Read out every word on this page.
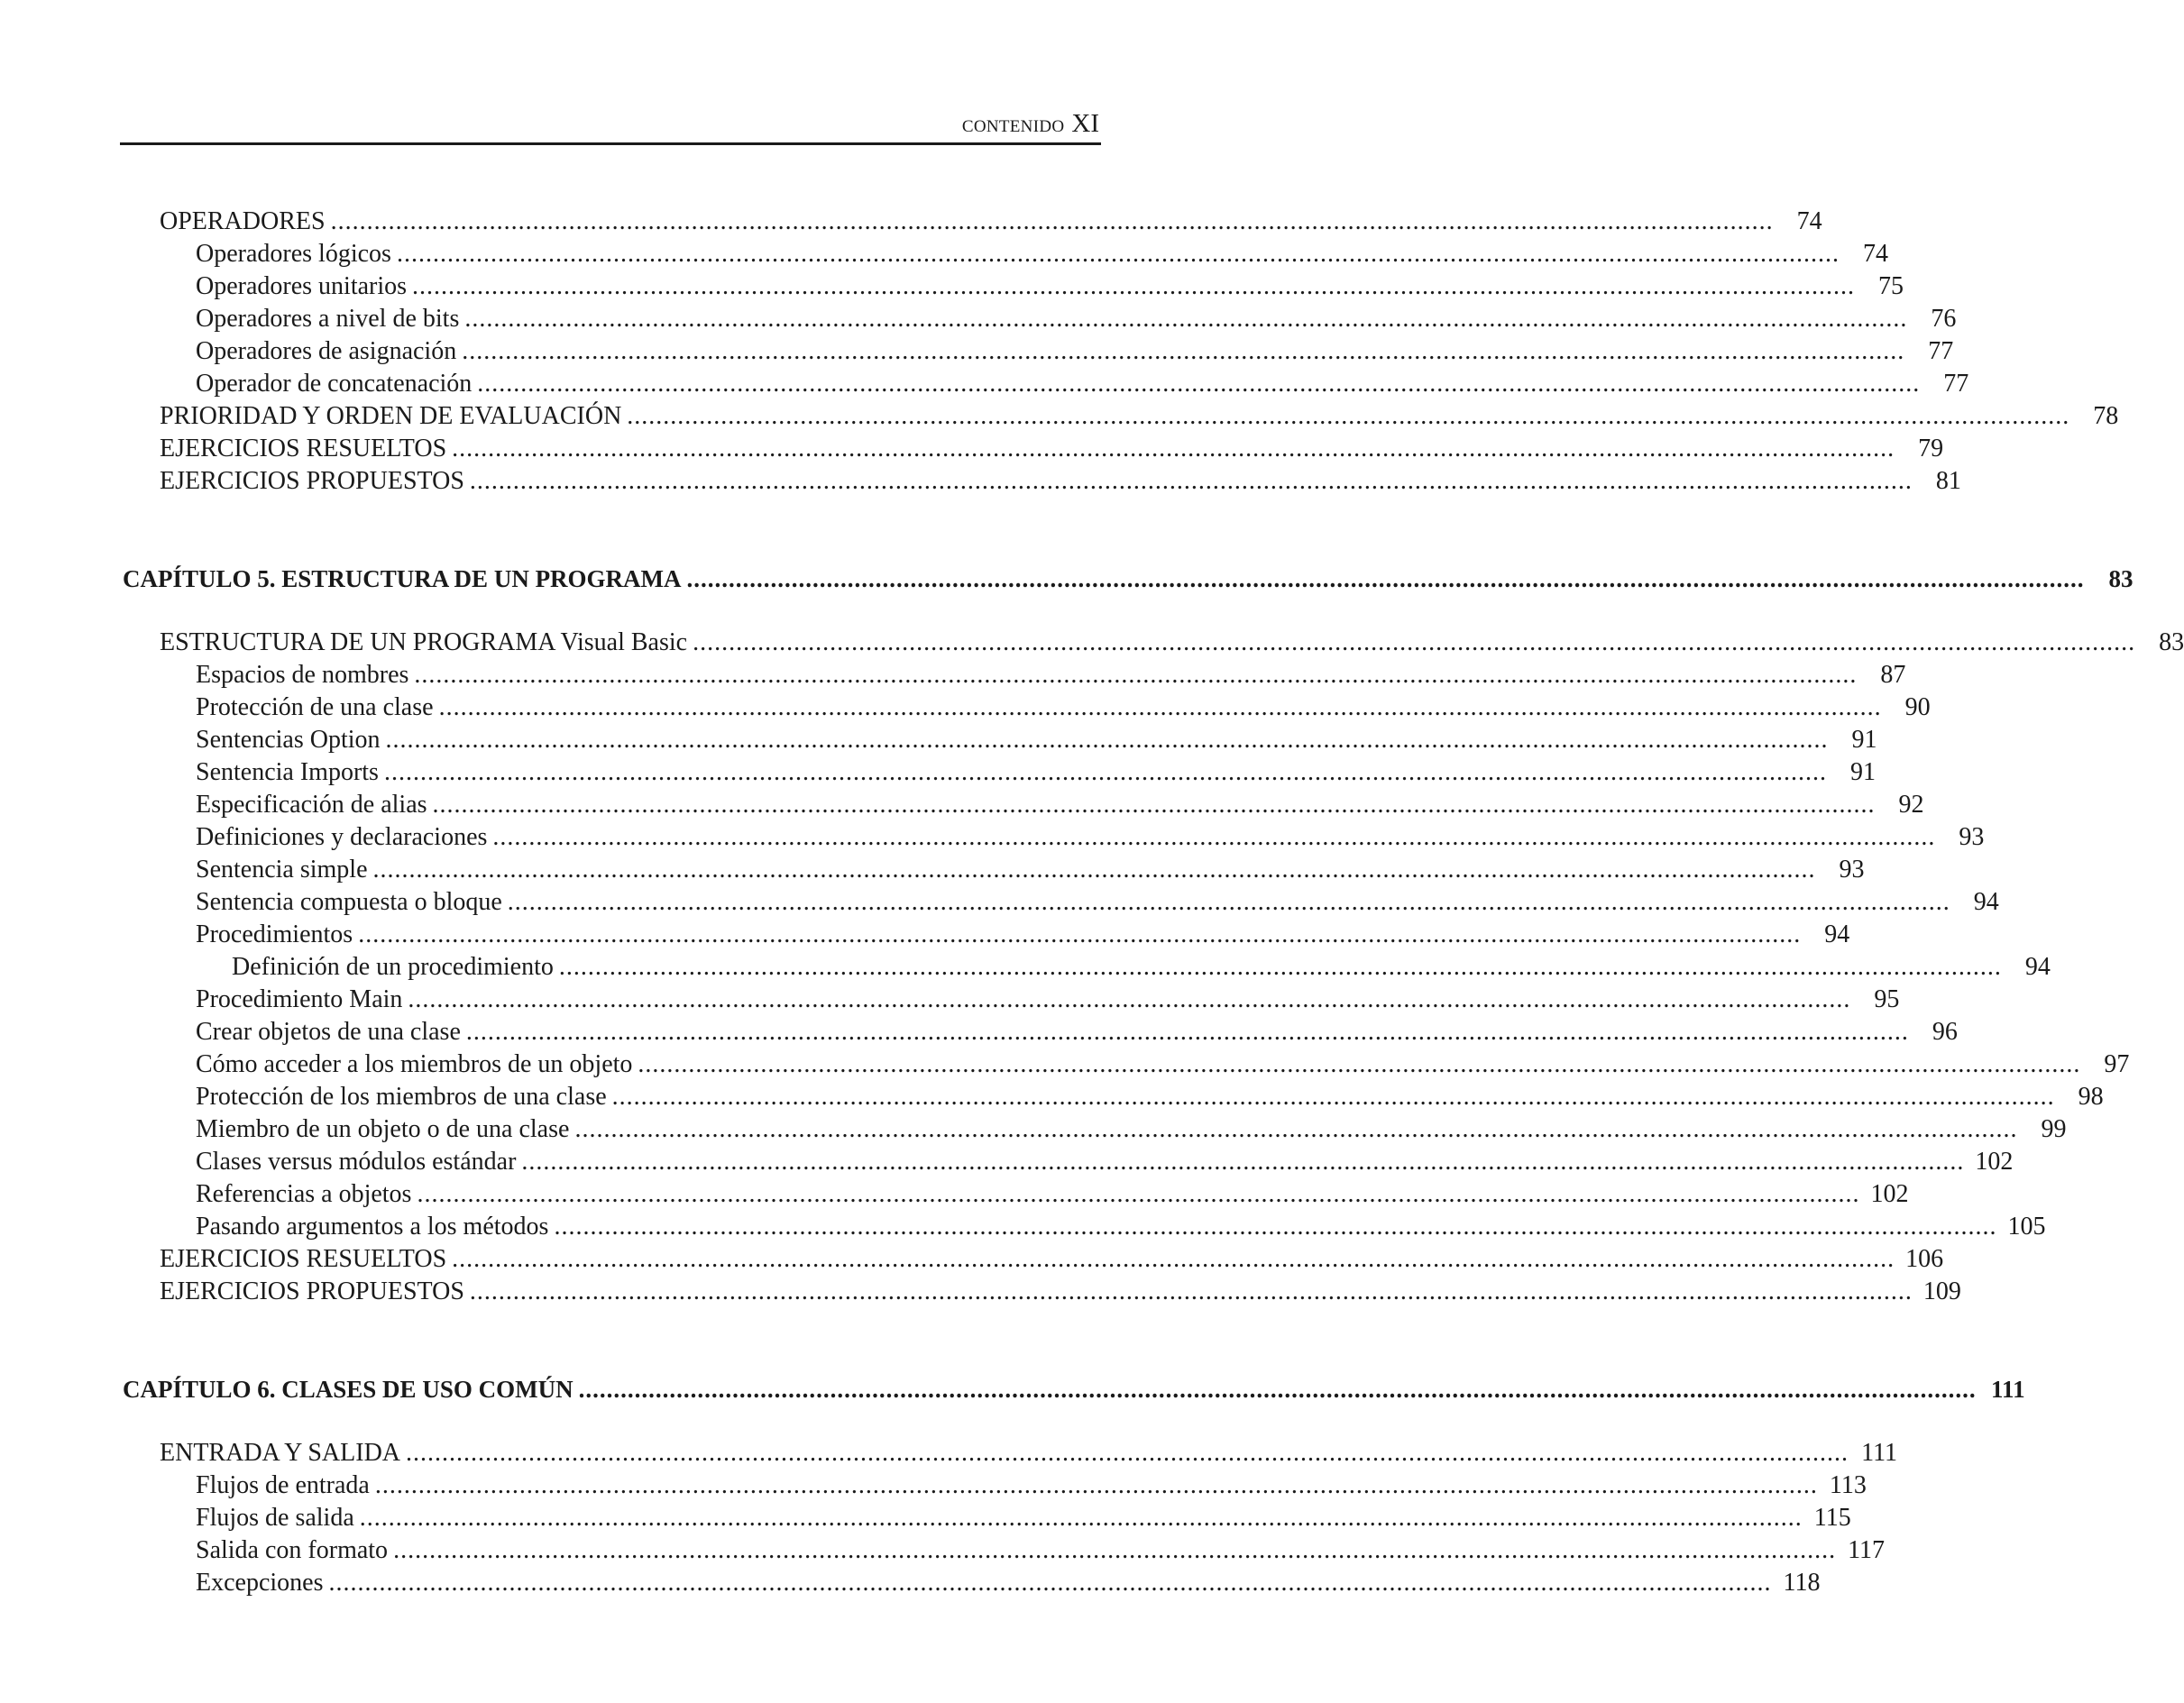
CONTENIDO XI
OPERADORES ........................................................................................................................................................................................................ 74
Operadores lógicos ........................................................................................................................................................................................................ 74
Operadores unitarios ........................................................................................................................................................................................................ 75
Operadores a nivel de bits ........................................................................................................................................................................................................ 76
Operadores de asignación ........................................................................................................................................................................................................ 77
Operador de concatenación ........................................................................................................................................................................................................ 77
PRIORIDAD Y ORDEN DE EVALUACIÓN ........................................................................................................................................................................................................ 78
EJERCICIOS RESUELTOS ........................................................................................................................................................................................................ 79
EJERCICIOS PROPUESTOS ........................................................................................................................................................................................................ 81
CAPÍTULO 5. ESTRUCTURA DE UN PROGRAMA ........................................................................................................................................................................................................	83
ESTRUCTURA DE UN PROGRAMA Visual Basic ........................................................................................................................................................................................................ 83
Espacios de nombres ........................................................................................................................................................................................................ 87
Protección de una clase ........................................................................................................................................................................................................ 90
Sentencias Option ........................................................................................................................................................................................................ 91
Sentencia Imports ........................................................................................................................................................................................................ 91
Especificación de alias ........................................................................................................................................................................................................ 92
Definiciones y declaraciones ........................................................................................................................................................................................................ 93
Sentencia simple ........................................................................................................................................................................................................ 93
Sentencia compuesta o bloque ........................................................................................................................................................................................................ 94
Procedimientos ........................................................................................................................................................................................................ 94
Definición de un procedimiento ........................................................................................................................................................................................................ 94
Procedimiento Main ........................................................................................................................................................................................................ 95
Crear objetos de una clase ........................................................................................................................................................................................................ 96
Cómo acceder a los miembros de un objeto ........................................................................................................................................................................................................ 97
Protección de los miembros de una clase ........................................................................................................................................................................................................ 98
Miembro de un objeto o de una clase ........................................................................................................................................................................................................ 99
Clases versus módulos estándar ........................................................................................................................................................................................................ 102
Referencias a objetos ........................................................................................................................................................................................................ 102
Pasando argumentos a los métodos ........................................................................................................................................................................................................ 105
EJERCICIOS RESUELTOS ........................................................................................................................................................................................................ 106
EJERCICIOS PROPUESTOS ........................................................................................................................................................................................................ 109
CAPÍTULO 6. CLASES DE USO COMÚN ........................................................................................................................................................................................................ 111
ENTRADA Y SALIDA ........................................................................................................................................................................................................ 111
Flujos de entrada ........................................................................................................................................................................................................ 113
Flujos de salida ........................................................................................................................................................................................................ 115
Salida con formato ........................................................................................................................................................................................................ 117
Excepciones ........................................................................................................................................................................................................ 118
